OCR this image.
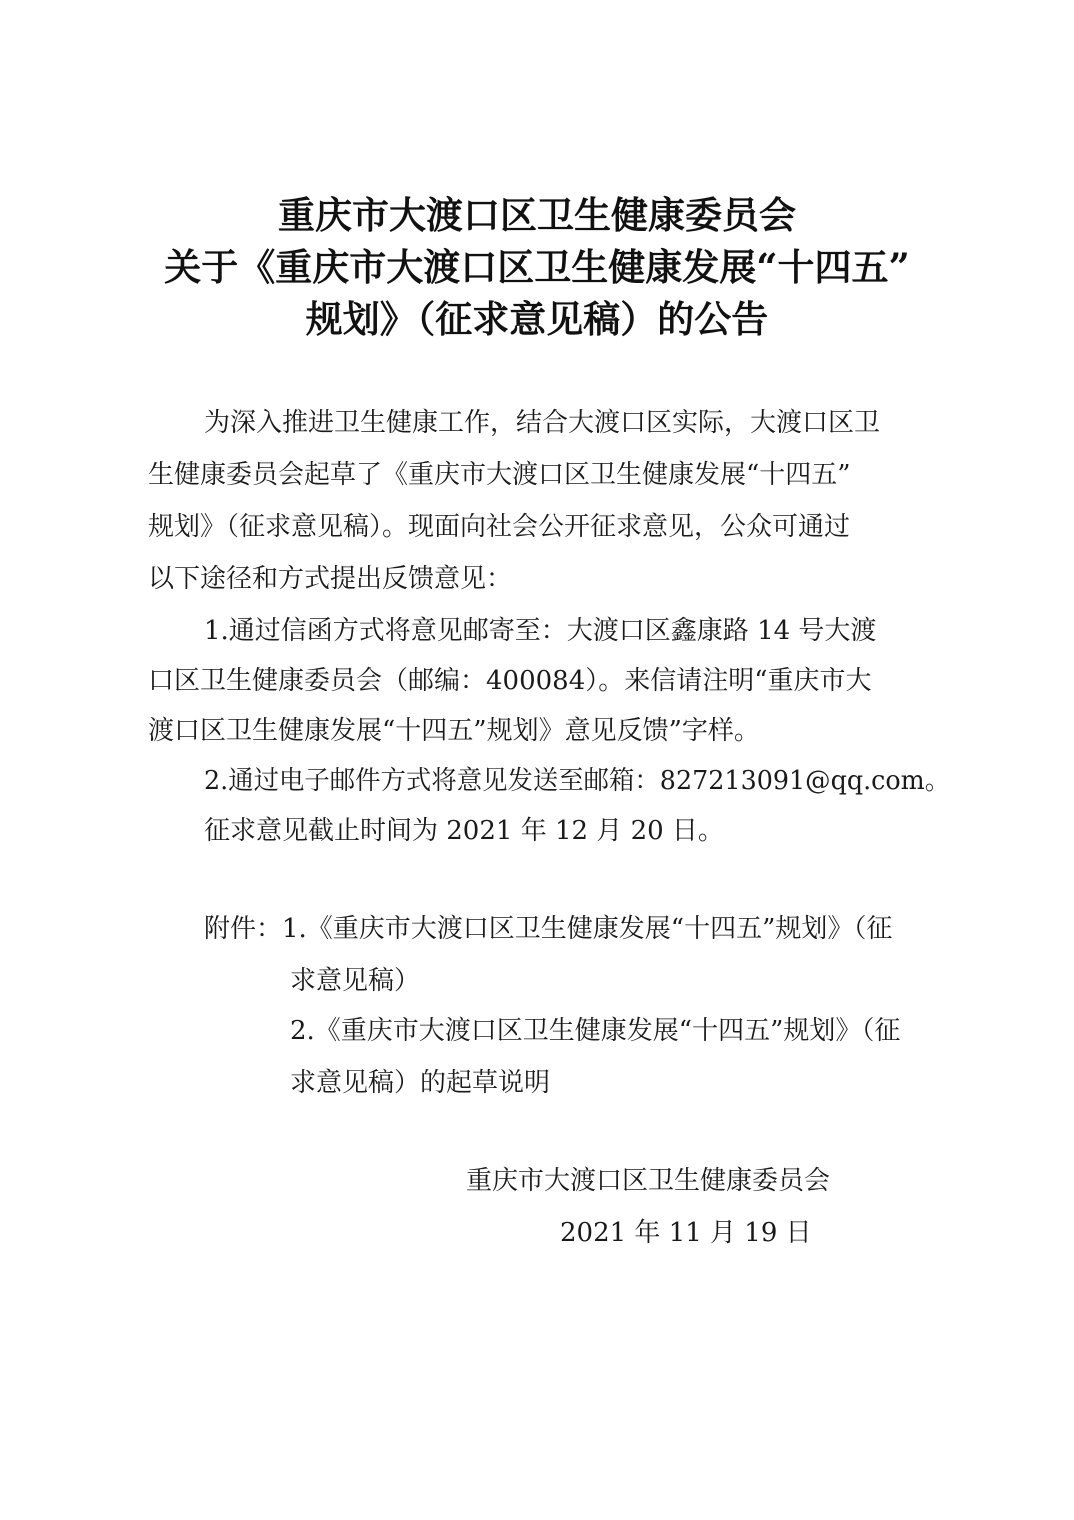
重庆市大渡口区卫生健康委员会
关于《重庆市大渡口区卫生健康发展“十四五”
规划》（征求意见稿）的公告
为深入推进卫生健康工作，结合大渡口区实际，大渡口区卫
生健康委员会起草了《重庆市大渡口区卫生健康发展“十四五”
规划》（征求意见稿）。现面向社会公开征求意见，公众可通过
以下途径和方式提出反馈意见：
1.通过信函方式将意见邮寄至：大渡口区鑫康路 14 号大渡
口区卫生健康委员会（邮编：400084）。来信请注明“重庆市大
渡口区卫生健康发展“十四五”规划》意见反馈”字样。
2.通过电子邮件方式将意见发送至邮箱：827213091@qq.com。
征求意见截止时间为 2021 年 12 月 20 日。
附件：1.《重庆市大渡口区卫生健康发展“十四五”规划》（征
求意见稿）
2.《重庆市大渡口区卫生健康发展“十四五”规划》（征
求意见稿）的起草说明
重庆市大渡口区卫生健康委员会
2021 年 11 月 19 日
